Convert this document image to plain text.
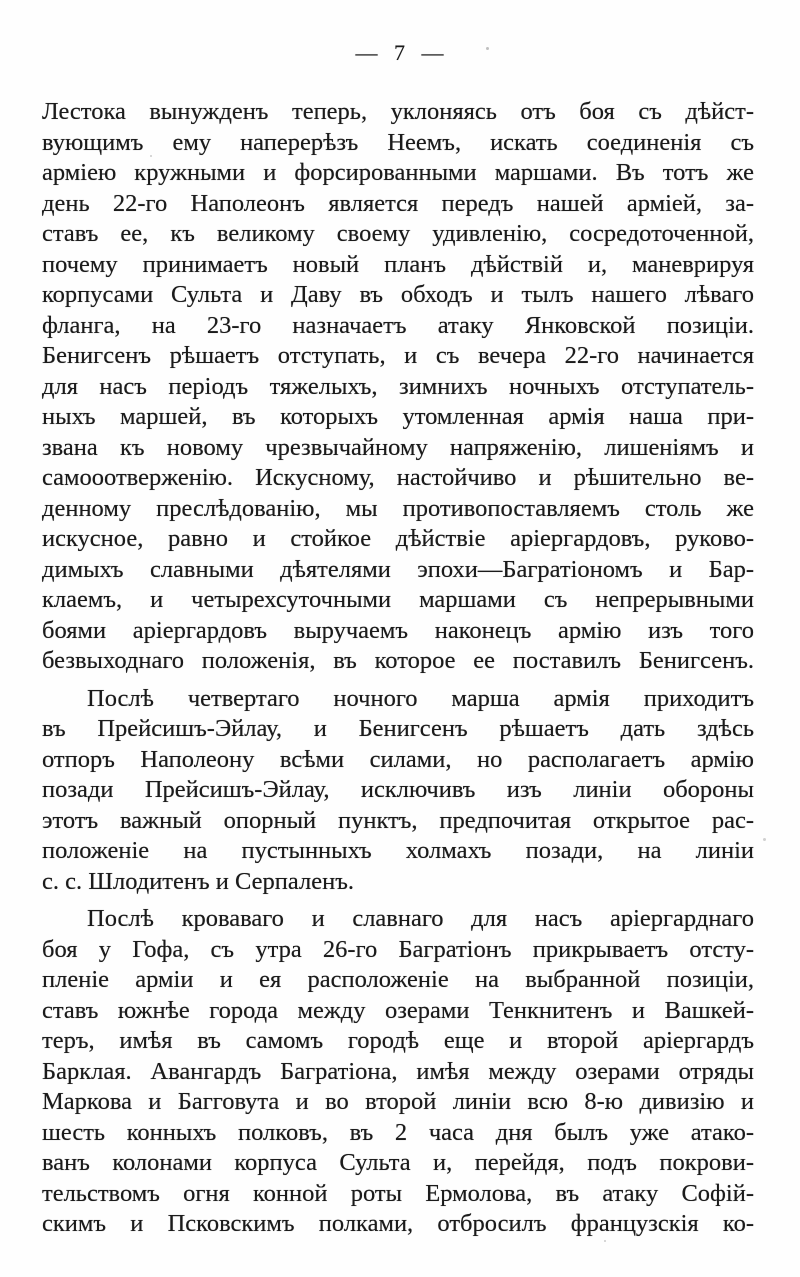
— 7 —
Лестока вынужденъ теперь, уклоняясь отъ боя съ дѣйст-
вующимъ ему наперерѣзъ Неемъ, искать соединенія съ
арміею кружными и форсированными маршами. Въ тотъ же
день 22-го Наполеонъ является передъ нашей арміей, за-
ставъ ее, къ великому своему удивленію, сосредоточенной,
почему принимаетъ новый планъ дѣйствій и, маневрируя
корпусами Сульта и Даву въ обходъ и тылъ нашего лѣваго
фланга, на 23-го назначаетъ атаку Янковской позиціи.
Бенигсенъ рѣшаетъ отступать, и съ вечера 22-го начинается
для насъ періодъ тяжелыхъ, зимнихъ ночныхъ отступатель-
ныхъ маршей, въ которыхъ утомленная армія наша при-
звана къ новому чрезвычайному напряженію, лишеніямъ и
самооотверженію. Искусному, настойчиво и рѣшительно ве-
денному преслѣдованію, мы противопоставляемъ столь же
искусное, равно и стойкое дѣйствіе аріергардовъ, руково-
димыхъ славными дѣятелями эпохи—Багратіономъ и Бар-
клаемъ, и четырехсуточными маршами съ непрерывными
боями аріергардовъ выручаемъ наконецъ армію изъ того
безвыходнаго положенія, въ которое ее поставилъ Бенигсенъ.
Послѣ четвертаго ночного марша армія приходитъ
въ Прейсишъ-Эйлау, и Бенигсенъ рѣшаетъ дать здѣсь
отпоръ Наполеону всѣми силами, но располагаетъ армію
позади Прейсишъ-Эйлау, исключивъ изъ линіи обороны
этотъ важный опорный пунктъ, предпочитая открытое рас-
положеніе на пустынныхъ холмахъ позади, на линіи
с. с. Шлодитенъ и Серпаленъ.
Послѣ кроваваго и славнаго для насъ аріергарднаго
боя у Гофа, съ утра 26-го Багратіонъ прикрываетъ отсту-
пленіе арміи и ея расположеніе на выбранной позиціи,
ставъ южнѣе города между озерами Тенкнитенъ и Вашкей-
теръ, имѣя въ самомъ городѣ еще и второй аріергардъ
Барклая. Авангардъ Багратіона, имѣя между озерами отряды
Маркова и Багговута и во второй линіи всю 8-ю дивизію и
шесть конныхъ полковъ, въ 2 часа дня былъ уже атако-
ванъ колонами корпуса Сульта и, перейдя, подъ покрови-
тельствомъ огня конной роты Ермолова, въ атаку Софій-
скимъ и Псковскимъ полками, отбросилъ французскія ко-
